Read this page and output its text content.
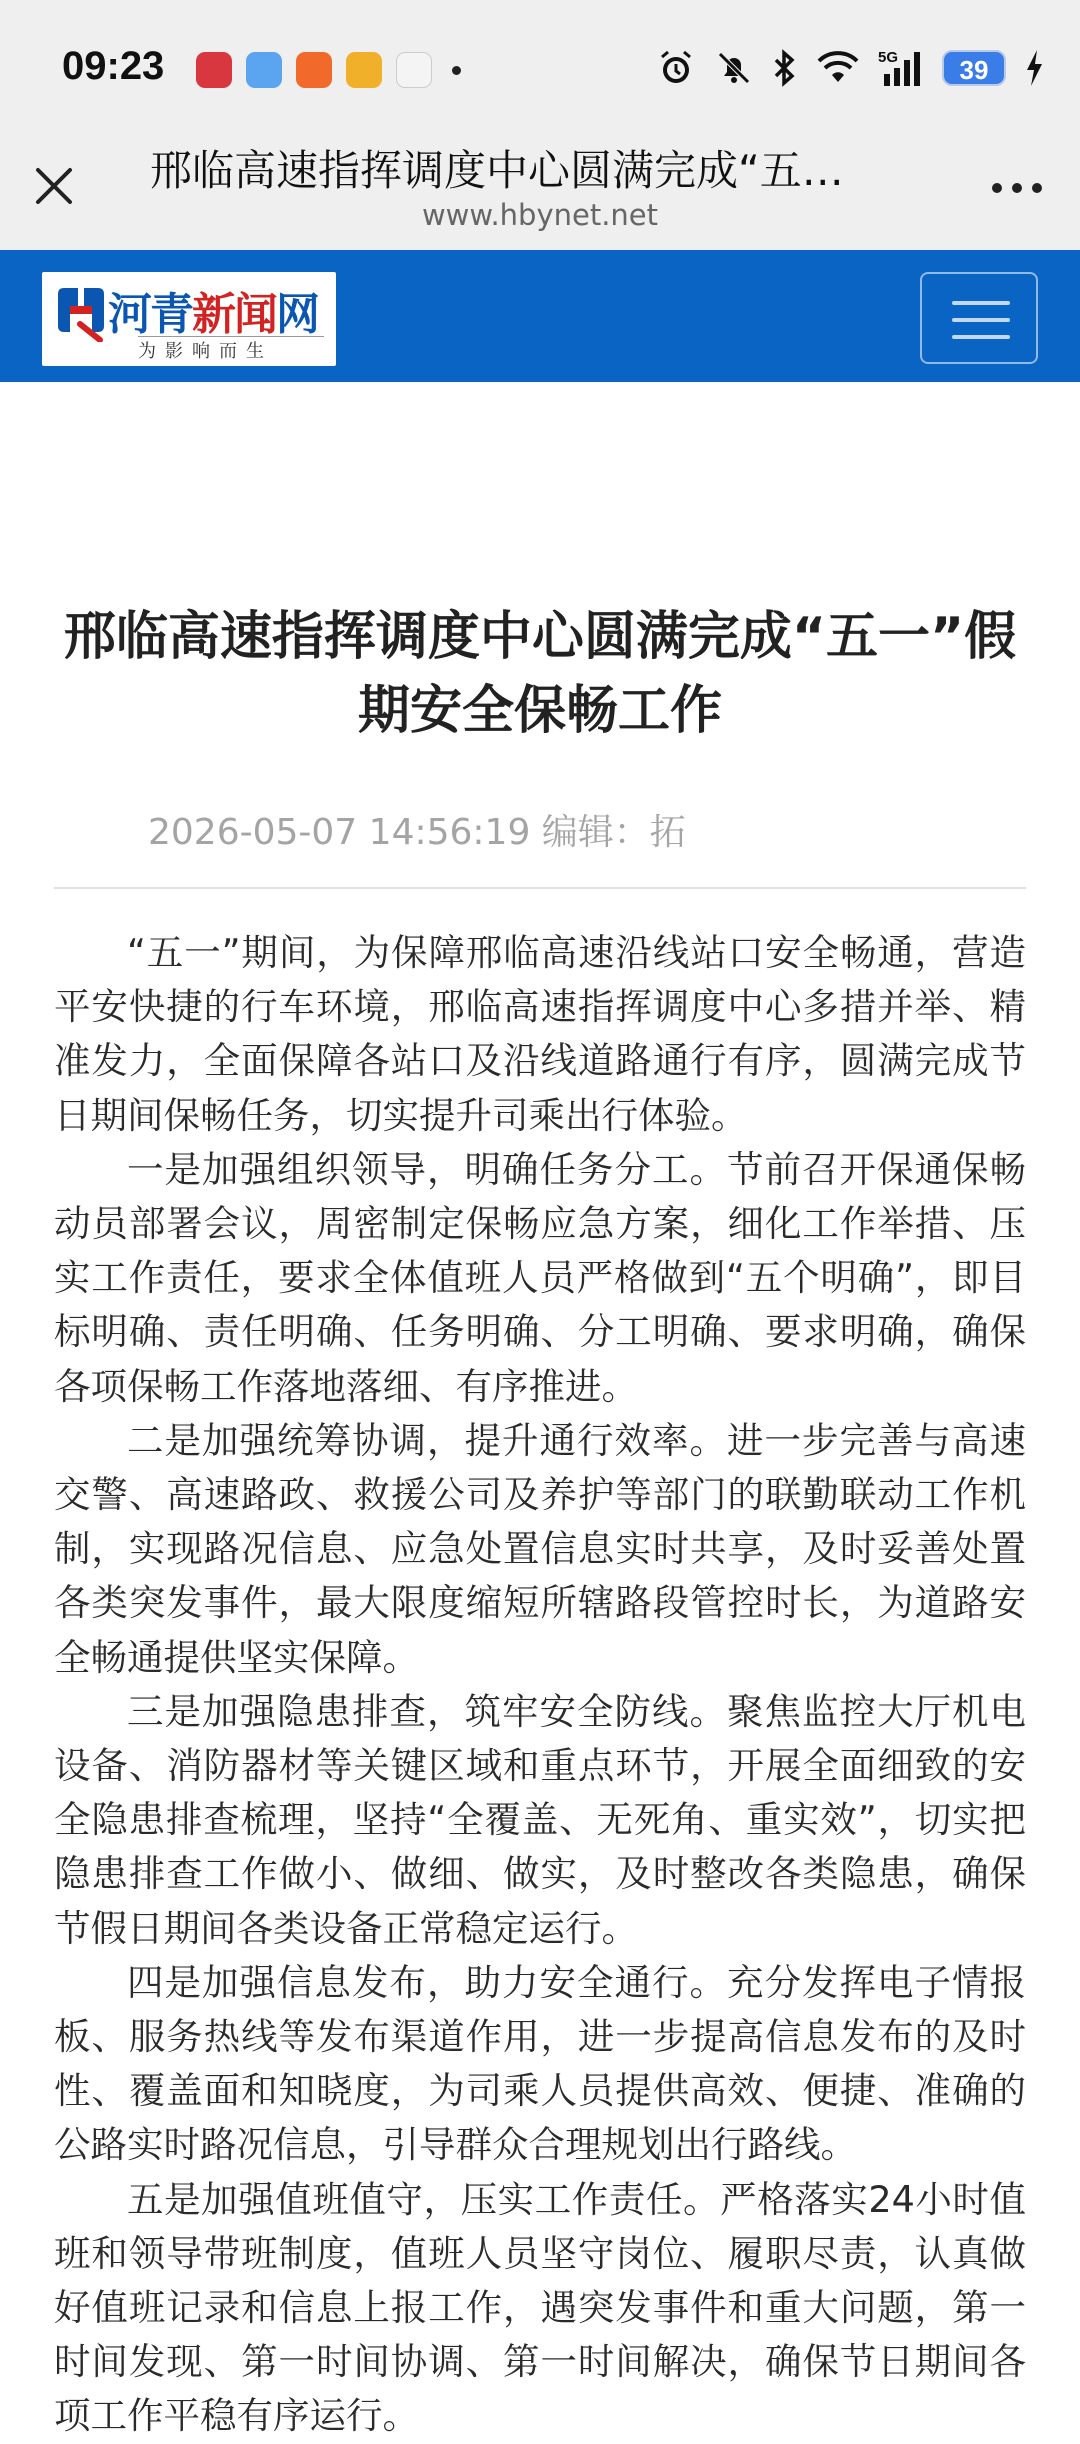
09:23	5G	39
邢临高速指挥调度中心圆满完成“五…
www.hbynet.net
河青新闻网
为影响而生
邢临高速指挥调度中心圆满完成“五一”假期安全保畅工作
2026-05-07 14:56:19 编辑：拓

“五一”期间，为保障邢临高速沿线站口安全畅通，营造平安快捷的行车环境，邢临高速指挥调度中心多措并举、精准发力，全面保障各站口及沿线道路通行有序，圆满完成节日期间保畅任务，切实提升司乘出行体验。

一是加强组织领导，明确任务分工。节前召开保通保畅动员部署会议，周密制定保畅应急方案，细化工作举措、压实工作责任，要求全体值班人员严格做到“五个明确”，即目标明确、责任明确、任务明确、分工明确、要求明确，确保各项保畅工作落地落细、有序推进。

二是加强统筹协调，提升通行效率。进一步完善与高速交警、高速路政、救援公司及养护等部门的联勤联动工作机制，实现路况信息、应急处置信息实时共享，及时妥善处置各类突发事件，最大限度缩短所辖路段管控时长，为道路安全畅通提供坚实保障。

三是加强隐患排查，筑牢安全防线。聚焦监控大厅机电设备、消防器材等关键区域和重点环节，开展全面细致的安全隐患排查梳理，坚持“全覆盖、无死角、重实效”，切实把隐患排查工作做小、做细、做实，及时整改各类隐患，确保节假日期间各类设备正常稳定运行。

四是加强信息发布，助力安全通行。充分发挥电子情报板、服务热线等发布渠道作用，进一步提高信息发布的及时性、覆盖面和知晓度，为司乘人员提供高效、便捷、准确的公路实时路况信息，引导群众合理规划出行路线。

五是加强值班值守，压实工作责任。严格落实24小时值班和领导带班制度，值班人员坚守岗位、履职尽责，认真做好值班记录和信息上报工作，遇突发事件和重大问题，第一时间发现、第一时间协调、第一时间解决，确保节日期间各项工作平稳有序运行。
